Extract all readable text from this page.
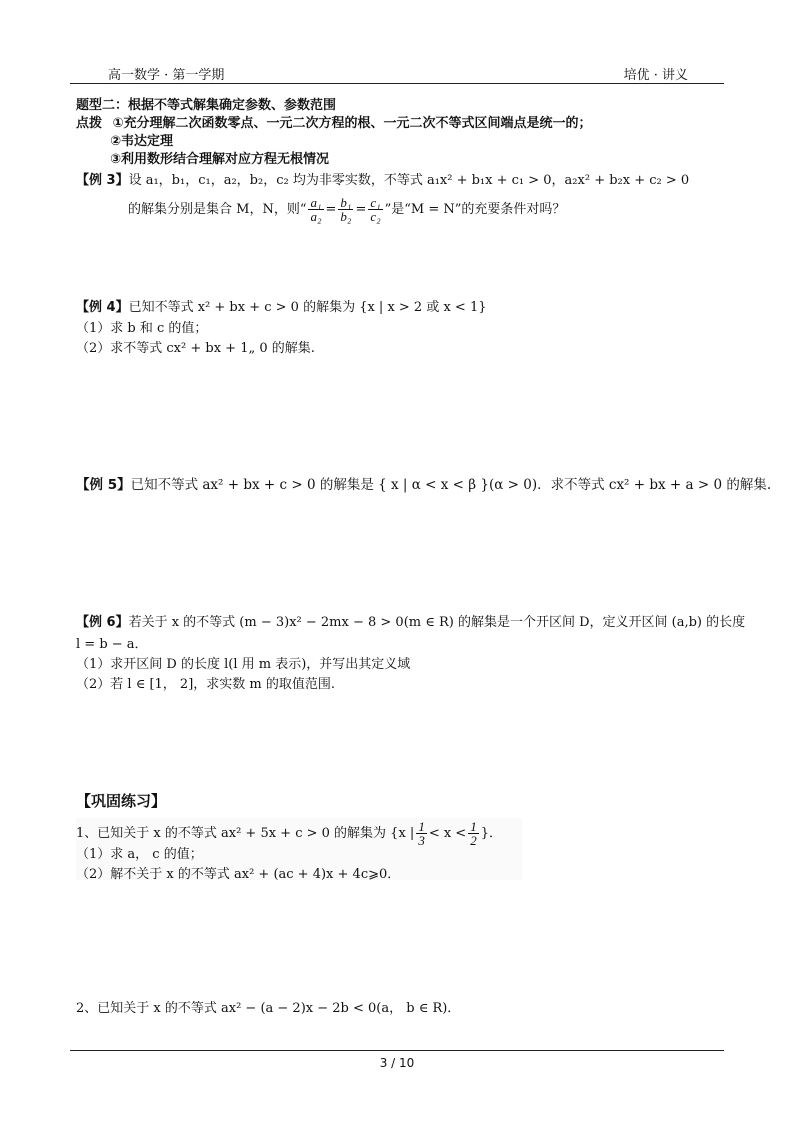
高一数学 · 第一学期	培优 · 讲义
题型二：根据不等式解集确定参数、参数范围
点拨 ①充分理解二次函数零点、一元二次方程的根、一元二次不等式区间端点是统一的；
②韦达定理
③利用数形结合理解对应方程无根情况
【例 3】设 a₁，b₁，c₁，a₂，b₂，c₂ 均为非零实数，不等式 a₁x² + b₁x + c₁ > 0，a₂x² + b₂x + c₂ > 0
的解集分别是集合 M，N，则“ $\frac{\text{a₁}}{\text{a₂}} = \frac{\text{b₁}}{\text{b₂}} = \frac{\text{c₁}}{\text{c₂}}$ ”是“M = N”的充要条件对吗？
【例 4】已知不等式 x² + bx + c > 0 的解集为 {x | x > 2 或 x < 1}
（1）求 b 和 c 的值；
（2）求不等式 cx² + bx + 1„ 0 的解集.
【例 5】已知不等式 ax² + bx + c > 0 的解集是 { x | α < x < β }(α > 0)．求不等式 cx² + bx + a > 0 的解集.
【例 6】若关于 x 的不等式 (m − 3)x² − 2mx − 8 > 0(m ∈ R) 的解集是一个开区间 D，定义开区间 (a,b) 的长度
l = b − a．
（1）求开区间 D 的长度 l(l 用 m 表示)，并写出其定义域
（2）若 l ∈ [1， 2]，求实数 m 的取值范围.
【巩固练习】
1、已知关于 x 的不等式 ax² + 5x + c > 0 的解集为 {x | $\frac{1}{3} < x < \frac{1}{2}$ }．
（1）求 a， c 的值；
（2）解不关于 x 的不等式 ax² + (ac + 4)x + 4c⩾0．
2、已知关于 x 的不等式 ax² − (a − 2)x − 2b < 0(a， b ∈ R)．
3 / 10
